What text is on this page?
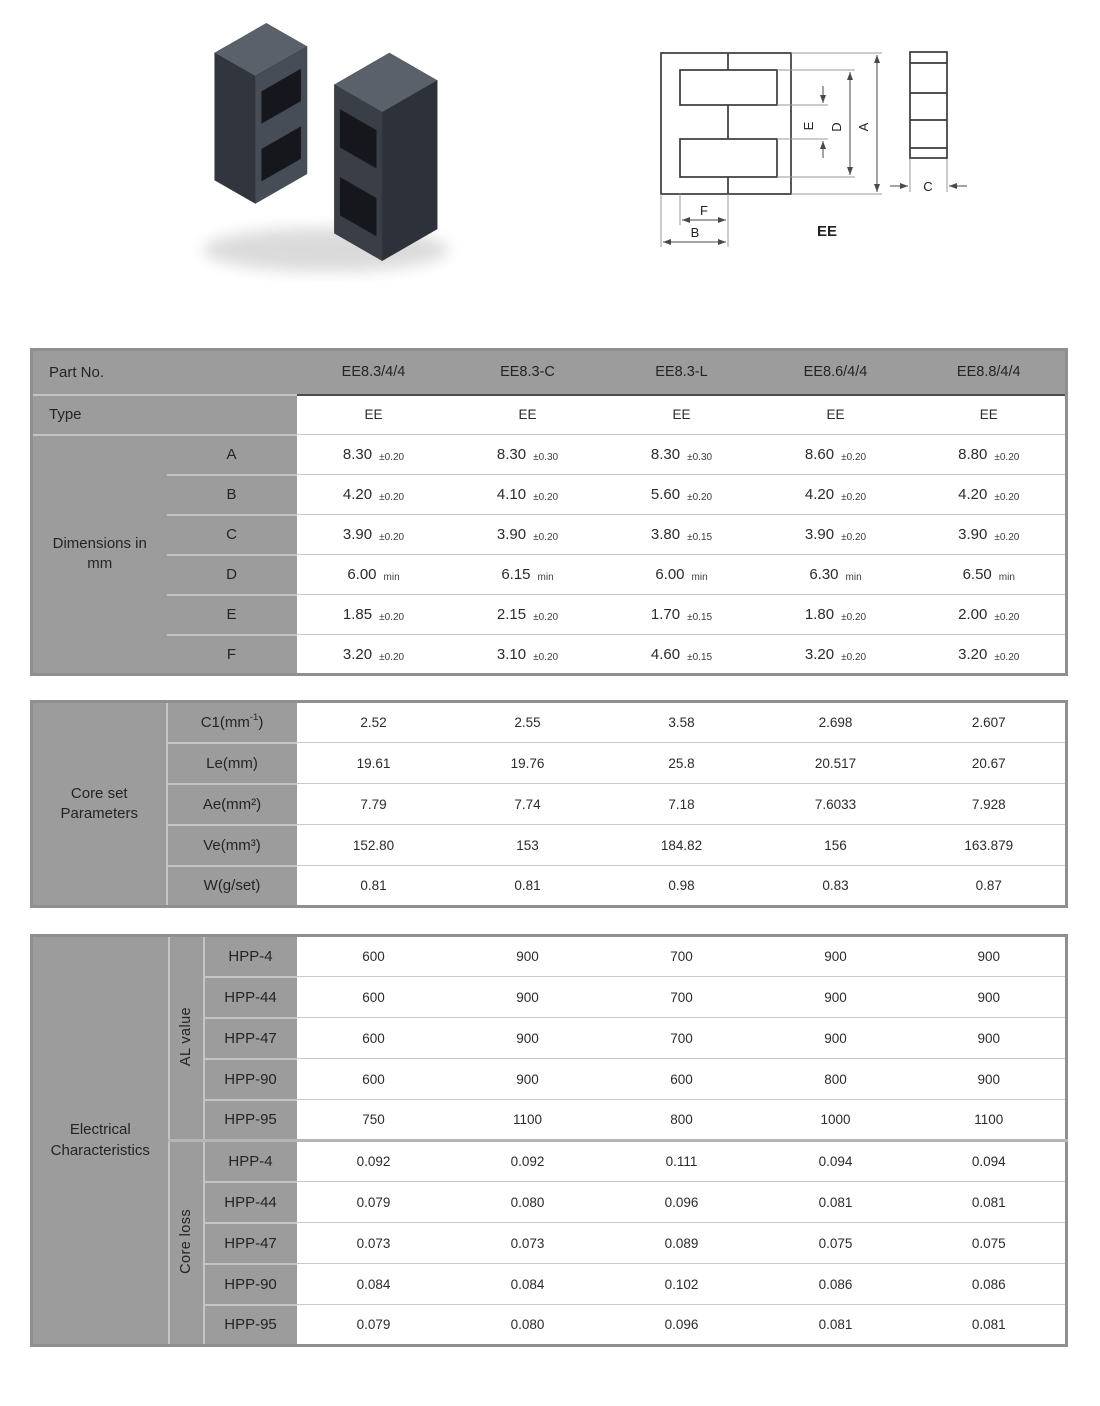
E D A
F
B
C
EE
Part No.		EE8.3/4/4	EE8.3-C	EE8.3-L	EE8.6/4/4	EE8.8/4/4
Type		EE	EE	EE	EE	EE
Dimensions in mm	A	8.30 ±0.20	8.30 ±0.30	8.30 ±0.30	8.60 ±0.20	8.80 ±0.20
	B	4.20 ±0.20	4.10 ±0.20	5.60 ±0.20	4.20 ±0.20	4.20 ±0.20
	C	3.90 ±0.20	3.90 ±0.20	3.80 ±0.15	3.90 ±0.20	3.90 ±0.20
	D	6.00 min	6.15 min	6.00 min	6.30 min	6.50 min
	E	1.85 ±0.20	2.15 ±0.20	1.70 ±0.15	1.80 ±0.20	2.00 ±0.20
	F	3.20 ±0.20	3.10 ±0.20	4.60 ±0.15	3.20 ±0.20	3.20 ±0.20
Core set Parameters	$C1(mm^{-1})$	2.52	2.55	3.58	2.698	2.607
	Le(mm)	19.61	19.76	25.8	20.517	20.67
	Ae(mm²)	7.79	7.74	7.18	7.6033	7.928
	Ve(mm³)	152.80	153	184.82	156	163.879
	W(g/set)	0.81	0.81	0.98	0.83	0.87
Electrical Characteristics	AL value	HPP-4	600	900	700	900	900
		HPP-44	600	900	700	900	900
		HPP-47	600	900	700	900	900
		HPP-90	600	900	600	800	900
		HPP-95	750	1100	800	1000	1100
	Core loss	HPP-4	0.092	0.092	0.111	0.094	0.094
		HPP-44	0.079	0.080	0.096	0.081	0.081
		HPP-47	0.073	0.073	0.089	0.075	0.075
		HPP-90	0.084	0.084	0.102	0.086	0.086
		HPP-95	0.079	0.080	0.096	0.081	0.081
